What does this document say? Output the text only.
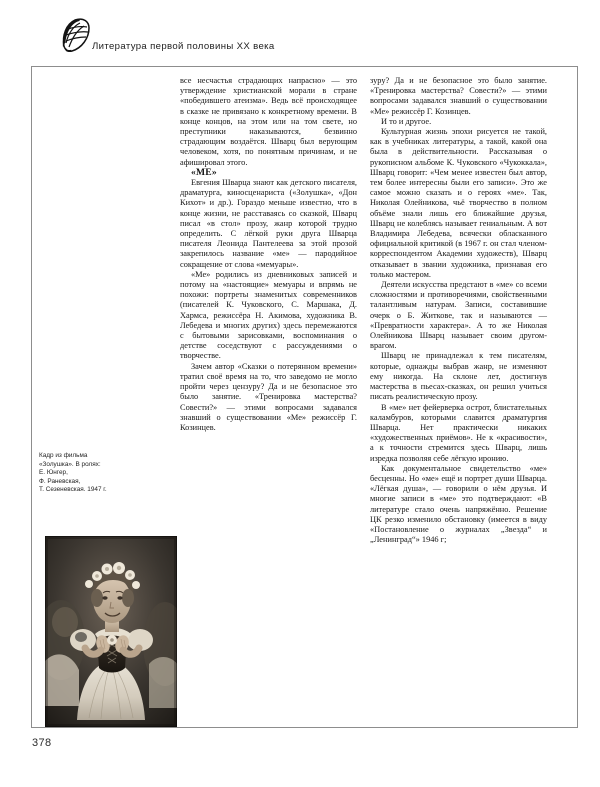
Литература первой половины XX века
Кадр из фильма
«Золушка». В ролях:
Е. Юнгер,
Ф. Раневская,
Т. Сезеневская. 1947 г.

все несчастья страдающих напрасно» — это утверждение христианской морали в стране «победившего атеизма». Ведь всё происходящее в сказке не привязано к конкретному времени. В конце концов, на этом или на том свете, но преступники наказываются, безвинно страдающим воздаётся. Шварц был верующим человеком, хотя, по понятным причинам, и не афишировал этого.

«МЕ»

Евгения Шварца знают как детского писателя, драматурга, киносценариста («Золушка», «Дон Кихот» и др.). Гораздо меньше известно, что в конце жизни, не расставаясь со сказкой, Шварц писал «в стол» прозу, жанр которой трудно определить. С лёгкой руки друга Шварца писателя Леонида Пантелеева за этой прозой закрепилось название «ме» — пародийное сокращение от слова «мемуары».

«Ме» родились из дневниковых записей и потому на «настоящие» мемуары и впрямь не похожи: портреты знаменитых современников (писателей К. Чуковского, С. Маршака, Д. Хармса, режиссёра Н. Акимова, художника В. Лебедева и многих других) здесь перемежаются с бытовыми зарисовками, воспоминания о детстве соседствуют с рассуждениями о творчестве.

Зачем автор «Сказки о потерянном времени» тратил своё время на то, что заведомо не могло пройти через цензуру? Да и не безопасное это было занятие. «Тренировка мастерства? Совести?» — этими вопросами задавался знавший о существовании «Ме» режиссёр Г. Козинцев.

зуру? Да и не безопасное это было занятие. «Тренировка мастерства? Совести?» — этими вопросами задавался знавший о существовании «Ме» режиссёр Г. Козинцев.

И то и другое.

Культурная жизнь эпохи рисуется не такой, как в учебниках литературы, а такой, какой она была в действительности. Рассказывая о рукописном альбоме К. Чуковского «Чукоккала», Шварц говорит: «Чем менее известен был автор, тем более интересны были его записи». Это же самое можно сказать и о героях «ме». Так, Николая Олейникова, чьё творчество в полном объёме знали лишь его ближайшие друзья, Шварц не колеблясь называет гениальным. А вот Владимира Лебедева, всячески обласканного официальной критикой (в 1967 г. он стал членом-корреспондентом Академии художеств), Шварц отказывает в звании художника, признавая его только мастером.

Деятели искусства предстают в «ме» со всеми сложностями и противоречиями, свойственными талантливым натурам. Записи, составившие очерк о Б. Житкове, так и называются — «Превратности характера». А то же Николая Олейникова Шварц называет своим другом-врагом.

Шварц не принадлежал к тем писателям, которые, однажды выбрав жанр, не изменяют ему никогда. На склоне лет, достигнув мастерства в пьесах-сказках, он решил учиться писать реалистическую прозу.

В «ме» нет фейерверка острот, блистательных каламбуров, которыми славится драматургия Шварца. Нет практически никаких «художественных приёмов». Не к «красивости», а к точности стремится здесь Шварц, лишь изредка позволяя себе лёгкую иронию.

Как документальное свидетельство «ме» бесценны. Но «ме» ещё и портрет души Шварца. «Лёгкая душа», — говорили о нём друзья. И многие записи в «ме» это подтверждают: «В литературе стало очень напряжённо. Решение ЦК резко изменило обстановку (имеется в виду «Постановление о журналах „Звезда“ и „Ленинград“» 1946 г;

378
